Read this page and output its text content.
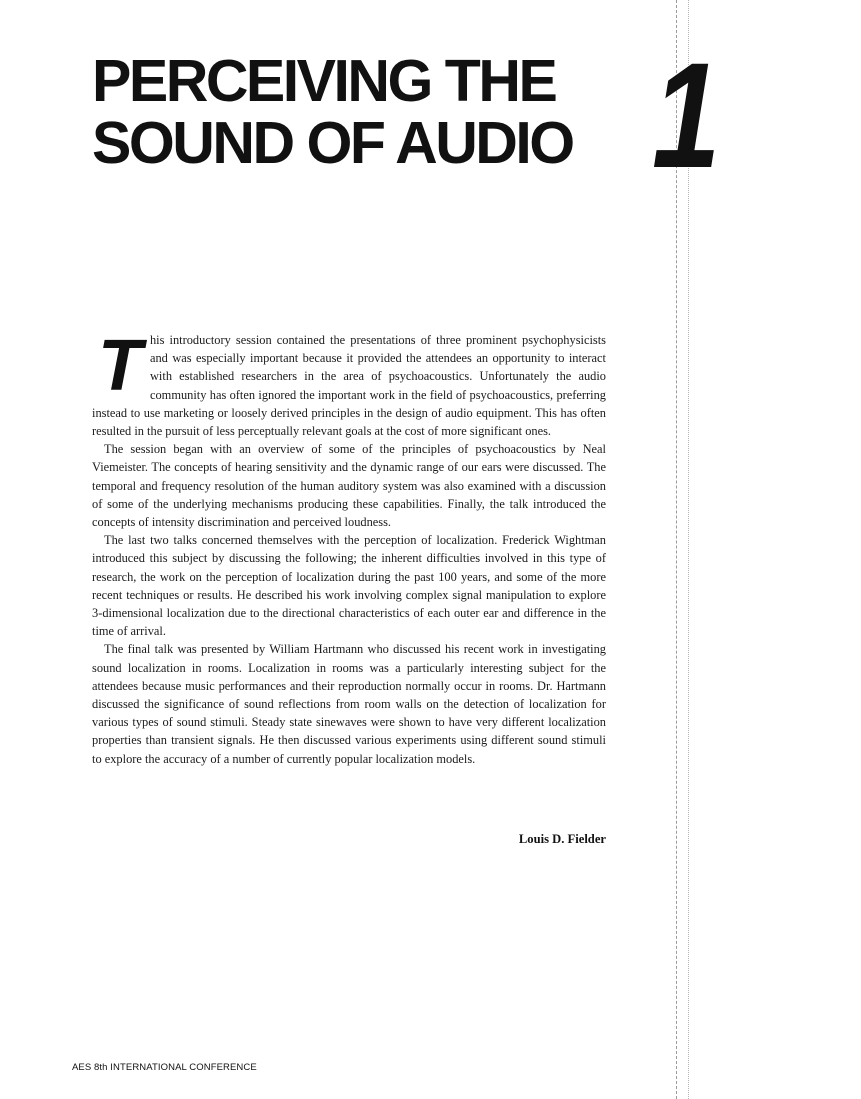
PERCEIVING THE
SOUND OF AUDIO 1

This introductory session contained the presentations of three prominent psychophysicists and was especially important because it provided the attendees an opportunity to interact with established researchers in the area of psychoacoustics. Unfortunately the audio community has often ignored the important work in the field of psychoacoustics, preferring instead to use marketing or loosely derived principles in the design of audio equipment. This has often resulted in the pursuit of less perceptually relevant goals at the cost of more significant ones.

The session began with an overview of some of the principles of psychoacoustics by Neal Viemeister. The concepts of hearing sensitivity and the dynamic range of our ears were discussed. The temporal and frequency resolution of the human auditory system was also examined with a discussion of some of the underlying mechanisms producing these capabilities. Finally, the talk introduced the concepts of intensity discrimination and perceived loudness.

The last two talks concerned themselves with the perception of localization. Frederick Wightman introduced this subject by discussing the following; the inherent difficulties involved in this type of research, the work on the perception of localization during the past 100 years, and some of the more recent techniques or results. He described his work involving complex signal manipulation to explore 3-dimensional localization due to the directional characteristics of each outer ear and difference in the time of arrival.

The final talk was presented by William Hartmann who discussed his recent work in investigating sound localization in rooms. Localization in rooms was a particularly interesting subject for the attendees because music performances and their reproduction normally occur in rooms. Dr. Hartmann discussed the significance of sound reflections from room walls on the detection of localization for various types of sound stimuli. Steady state sinewaves were shown to have very different localization properties than transient signals. He then discussed various experiments using different sound stimuli to explore the accuracy of a number of currently popular localization models.

Louis D. Fielder
AES 8th INTERNATIONAL CONFERENCE
